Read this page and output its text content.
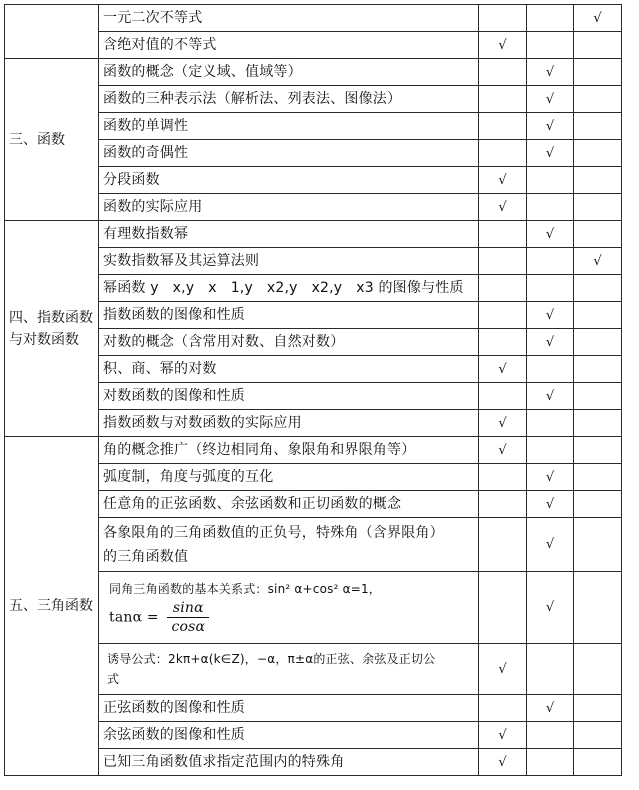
	一元二次不等式			√
	含绝对值的不等式	√		
三、函数	函数的概念（定义域、值域等）		√	
	函数的三种表示法（解析法、列表法、图像法）		√	
	函数的单调性		√	
	函数的奇偶性		√	
	分段函数	√		
	函数的实际应用	√		

四、指数函数
与对数函数	有理数指数幂		√	
	实数指数幂及其运算法则			√
	幂函数 y   x,y   x   1,y   x2,y   x2,y   x3 的图像与性质			
	指数函数的图像和性质		√	
	对数的概念（含常用对数、自然对数）		√	
	积、商、幂的对数	√		
	对数函数的图像和性质		√	
	指数函数与对数函数的实际应用	√		
五、三角函数	角的概念推广（终边相同角、象限角和界限角等）	√		
	弧度制，角度与弧度的互化		√	
	任意角的正弦函数、余弦函数和正切函数的概念		√	

	各象限角的三角函数值的正负号，特殊角（含界限角）
的三角函数值		√	

	同角三角函数的基本关系式：sin² α+cos² α=1，
$\tan\alpha = \frac{\sin\alpha}{\cos\alpha}$		√	

	诱导公式：2kπ+α(k∈Z)，−α，π±α的正弦、余弦及正切公
式	√		
	正弦函数的图像和性质		√	
	余弦函数的图像和性质	√		
	已知三角函数值求指定范围内的特殊角	√		
